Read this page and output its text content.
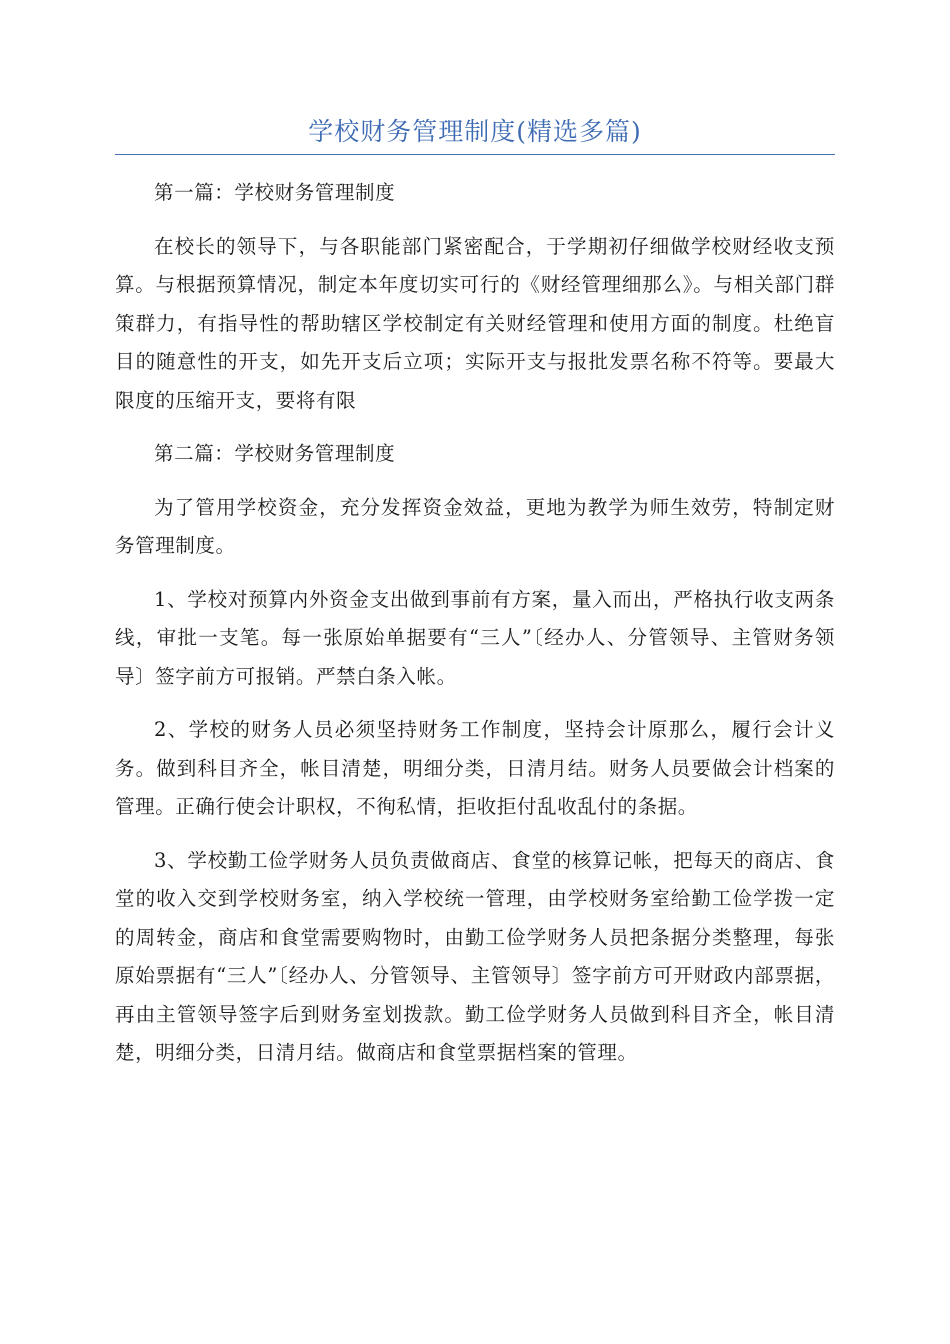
学校财务管理制度(精选多篇)

第一篇：学校财务管理制度

在校长的领导下，与各职能部门紧密配合，于学期初仔细做学校财经收支预算。与根据预算情况，制定本年度切实可行的《财经管理细那么》。与相关部门群策群力，有指导性的帮助辖区学校制定有关财经管理和使用方面的制度。杜绝盲目的随意性的开支，如先开支后立项；实际开支与报批发票名称不符等。要最大限度的压缩开支，要将有限

第二篇：学校财务管理制度

为了管用学校资金，充分发挥资金效益，更地为教学为师生效劳，特制定财务管理制度。

1、学校对预算内外资金支出做到事前有方案，量入而出，严格执行收支两条线，审批一支笔。每一张原始单据要有“三人”〔经办人、分管领导、主管财务领导〕签字前方可报销。严禁白条入帐。

2、学校的财务人员必须坚持财务工作制度，坚持会计原那么，履行会计义务。做到科目齐全，帐目清楚，明细分类，日清月结。财务人员要做会计档案的管理。正确行使会计职权，不徇私情，拒收拒付乱收乱付的条据。

3、学校勤工俭学财务人员负责做商店、食堂的核算记帐，把每天的商店、食堂的收入交到学校财务室，纳入学校统一管理，由学校财务室给勤工俭学拨一定的周转金，商店和食堂需要购物时，由勤工俭学财务人员把条据分类整理，每张原始票据有“三人”〔经办人、分管领导、主管领导〕签字前方可开财政内部票据，再由主管领导签字后到财务室划拨款。勤工俭学财务人员做到科目齐全，帐目清楚，明细分类，日清月结。做商店和食堂票据档案的管理。
